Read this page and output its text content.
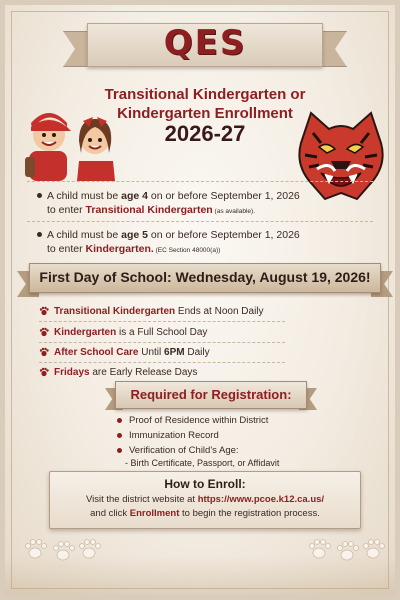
QES
Transitional Kindergarten or
Kindergarten Enrollment
2026-27
A child must be age 4 on or before September 1, 2026
to enter Transitional Kindergarten (as available).
A child must be age 5 on or before September 1, 2026
to enter Kindergarten. (EC Section 48000(a))
First Day of School: Wednesday, August 19, 2026!
Transitional Kindergarten Ends at Noon Daily
Kindergarten is a Full School Day
After School Care Until 6PM Daily
Fridays are Early Release Days
Required for Registration:
Proof of Residence within District
Immunization Record
Verification of Child's Age:
- Birth Certificate, Passport, or Affidavit
How to Enroll:
Visit the district website at https://www.pcoe.k12.ca.us/
and click Enrollment to begin the registration process.
